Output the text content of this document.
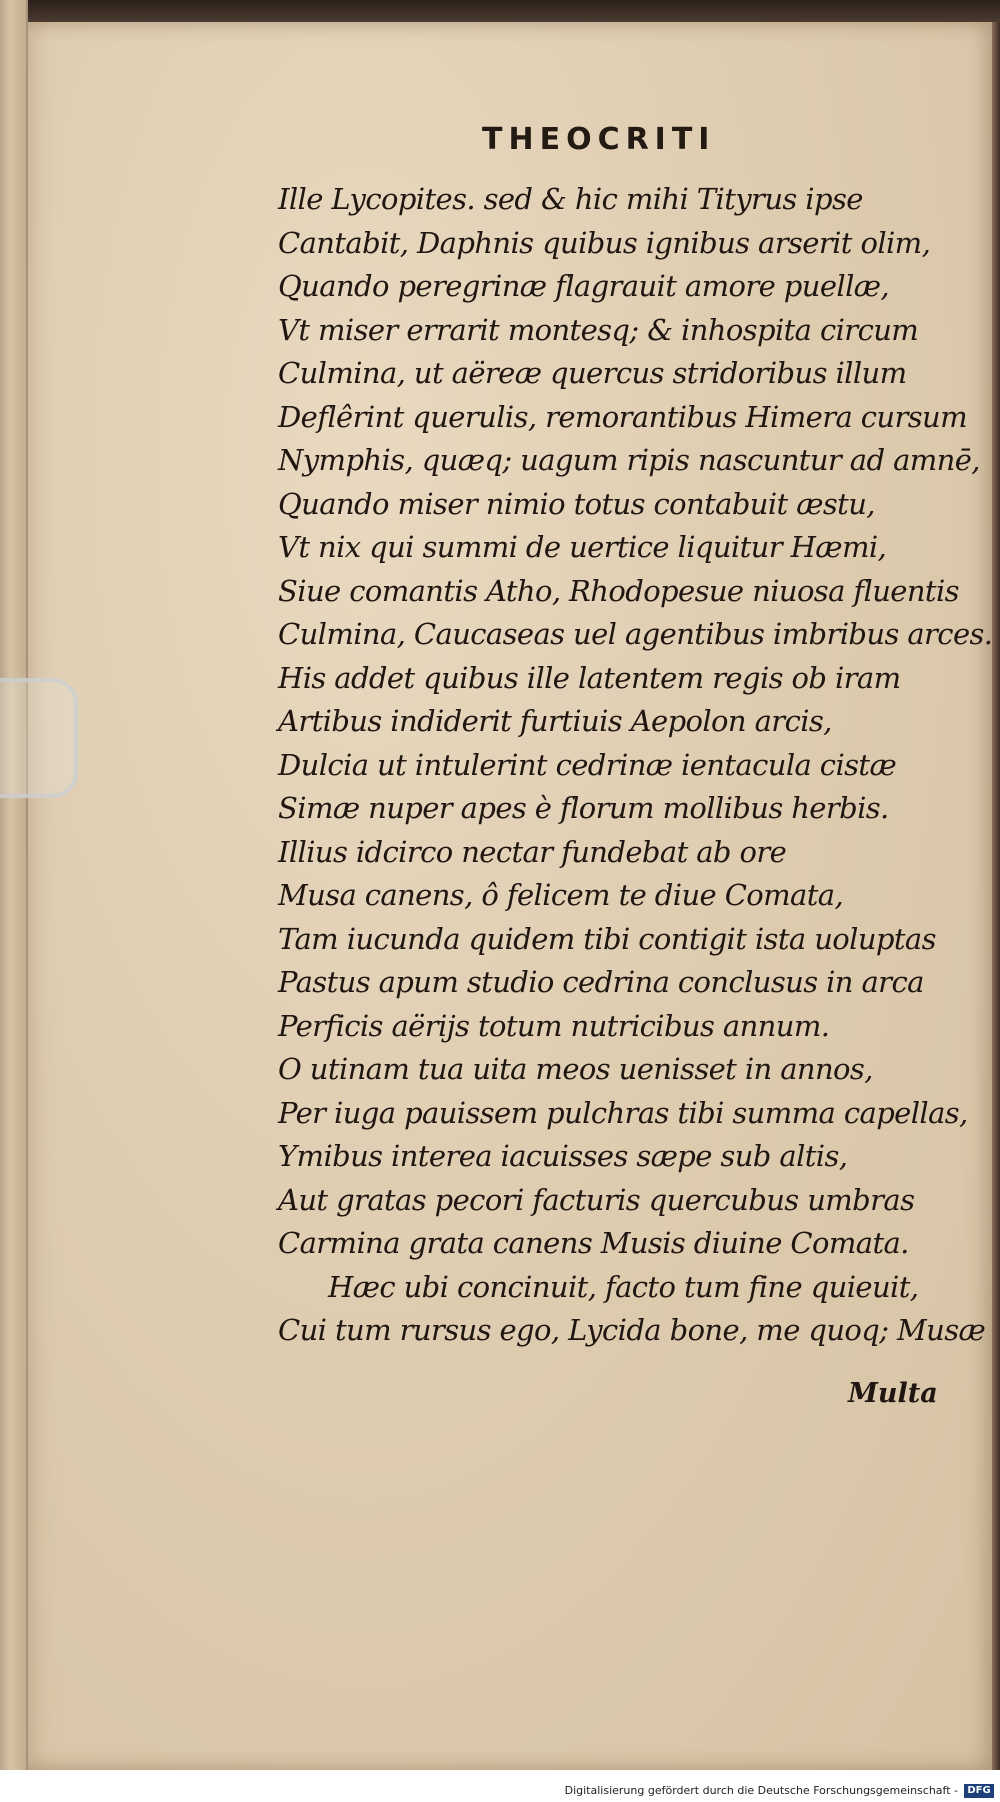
THEOCRITI
Ille Lycopites. sed & hic mihi Tityrus ipse
Cantabit, Daphnis quibus ignibus arserit olim,
Quando peregrinæ flagrauit amore puellæ,
Vt miser errarit montesq; & inhospita circum
Culmina, ut aëreæ quercus stridoribus illum
Deflêrint querulis, remorantibus Himera cursum
Nymphis, quæq; uagum ripis nascuntur ad amnē,
Quando miser nimio totus contabuit æstu,
Vt nix qui summi de uertice liquitur Hæmi,
Siue comantis Atho, Rhodopesue niuosa fluentis
Culmina, Caucaseas uel agentibus imbribus arces.
His addet quibus ille latentem regis ob iram
Artibus indiderit furtiuis Aepolon arcis,
Dulcia ut intulerint cedrinæ ientacula cistæ
Simæ nuper apes è florum mollibus herbis.
Illius idcirco nectar fundebat ab ore
Musa canens, ô felicem te diue Comata,
Tam iucunda quidem tibi contigit ista uoluptas
Pastus apum studio cedrina conclusus in arca
Perficis aërijs totum nutricibus annum.
O utinam tua uita meos uenisset in annos,
Per iuga pauissem pulchras tibi summa capellas,
Ymibus interea iacuisses sæpe sub altis,
Aut gratas pecori facturis quercubus umbras
Carmina grata canens Musis diuine Comata.
Hæc ubi concinuit, facto tum fine quieuit,
Cui tum rursus ego, Lycida bone, me quoq; Musæ
Multa
Digitalisierung gefördert durch die Deutsche Forschungsgemeinschaft - DFG
